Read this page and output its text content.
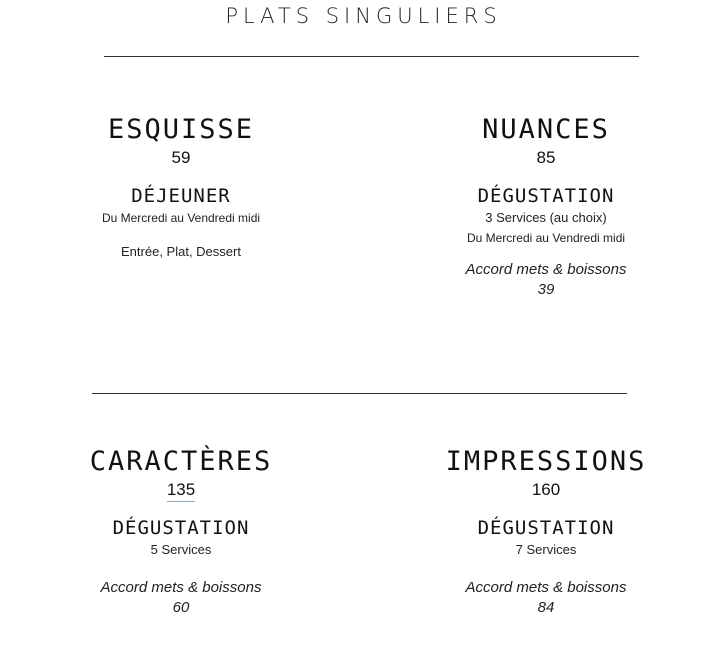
PLATS SINGULIERS
ESQUISSE
59
DÉJEUNER
Du Mercredi au Vendredi midi
Entrée, Plat, Dessert
NUANCES
85
DÉGUSTATION
3 Services (au choix)
Du Mercredi au Vendredi midi
Accord mets & boissons
39
CARACTÈRES
135
DÉGUSTATION
5 Services
Accord mets & boissons
60
IMPRESSIONS
160
DÉGUSTATION
7 Services
Accord mets & boissons
84
